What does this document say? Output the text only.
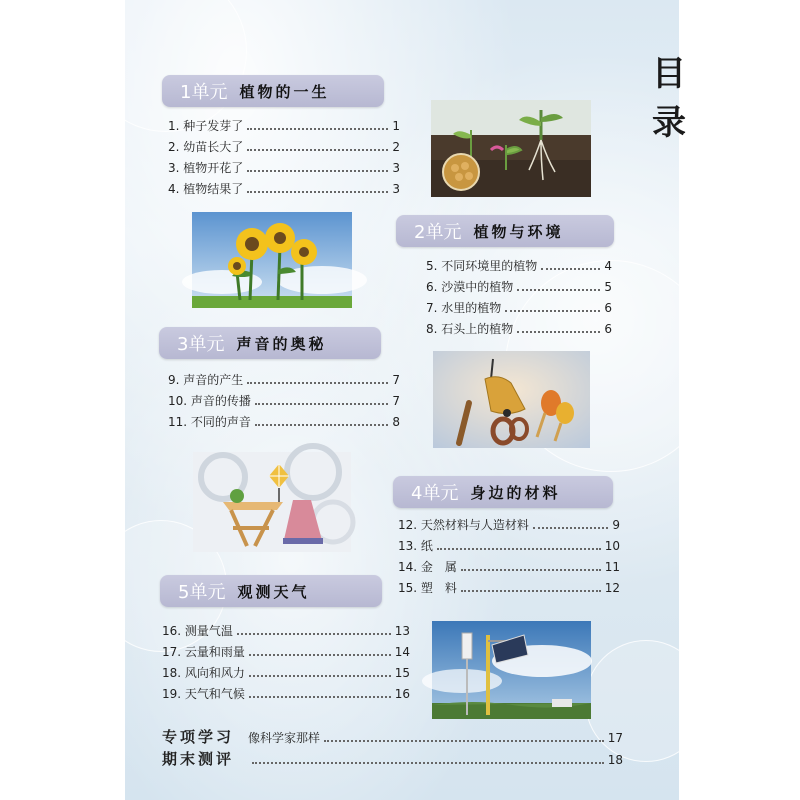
目 录
1单元 植物的一生
1. 种子发芽了	1
2. 幼苗长大了	2
3. 植物开花了	3
4. 植物结果了	3
2单元 植物与环境
5. 不同环境里的植物	4
6. 沙漠中的植物	5
7. 水里的植物	6
8. 石头上的植物	6
3单元 声音的奥秘
9. 声音的产生	7
10. 声音的传播	7
11. 不同的声音	8
4单元 身边的材料
12. 天然材料与人造材料	9
13. 纸	10
14. 金　属	11
15. 塑　料	12
5单元 观测天气
16. 测量气温	13
17. 云量和雨量	14
18. 风向和风力	15
19. 天气和气候	16
专项学习 像科学家那样	17
期末测评	18
